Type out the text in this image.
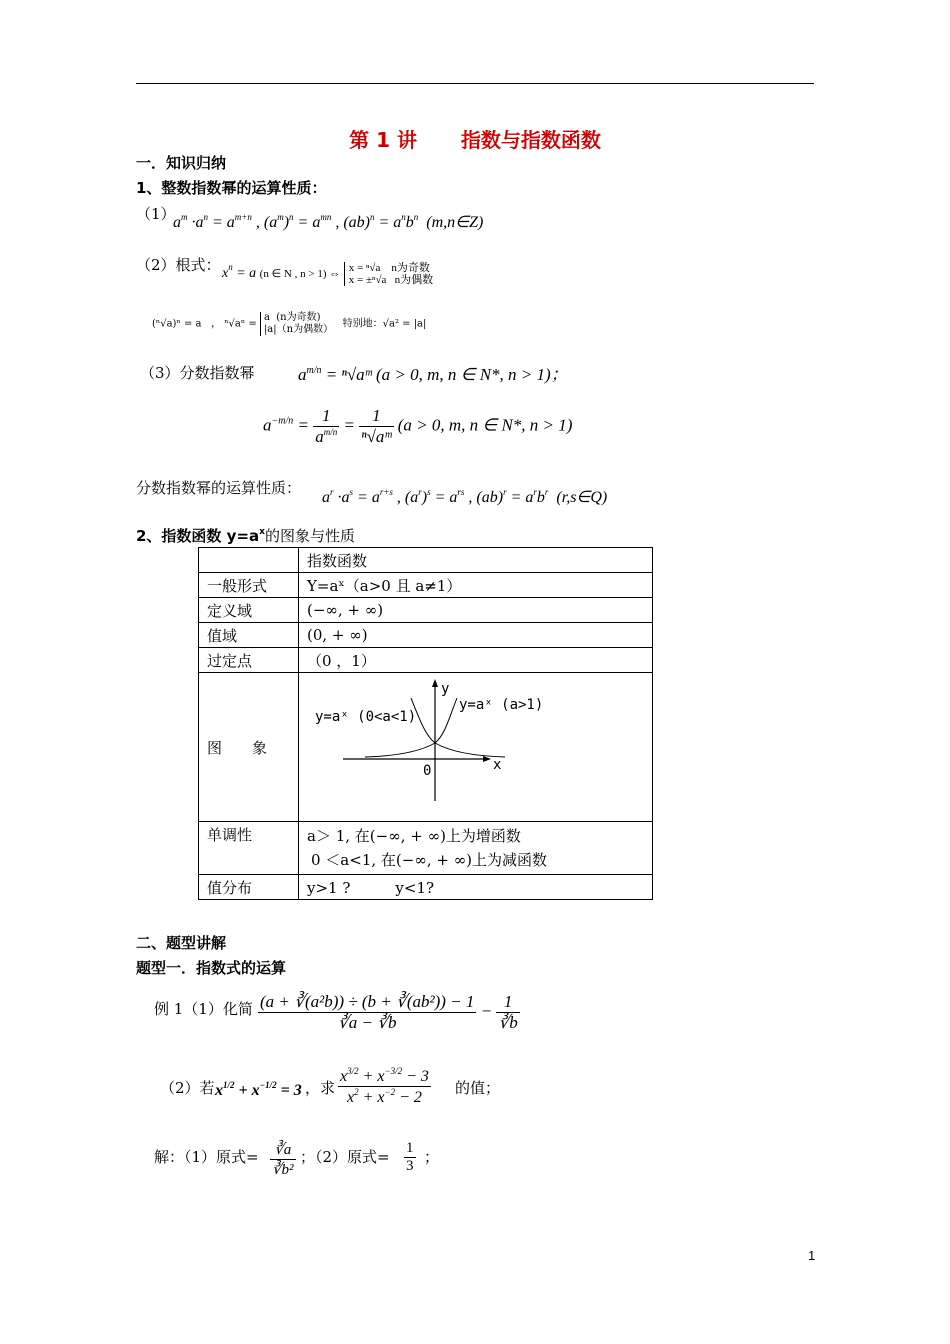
第 1 讲 指数与指数函数
一．知识归纳
1、整数指数幂的运算性质：
（1）
$a^m \cdot a^n = a^{m+n}$ , $(a^m)^n = a^{mn}$ , $(ab)^n = a^nb^n$  (m,n∈Z)
（2）根式： $x^n = a$ (n ∈ N , n > 1) ⇔ x = ⁿ√a    n为奇数
x = ±ⁿ√a   n为偶数
(ⁿ√a)ⁿ = a   ， ⁿ√aⁿ = a  (n为奇数)
|a|（n为偶数）   特别地：√a² = |a|
（3）分数指数幂	$a^{m/n}$ = ⁿ√aᵐ (a > 0, m, n ∈ N*, n > 1)；
$a^{-m/n} = \frac{1}{a^{m/n}} = \frac{1}{\text{ⁿ√aᵐ}} (a > 0$, m, n ∈ N*, n > 1)
分数指数幂的运算性质：
$a^r \cdot a^s = a^{r+s}$ , $(a^r)^s = a^{rs}$ , $(ab)^r = a^rb^r$  (r,s∈Q)
2、指数函数 $y=a^x$的图象与性质
	指数函数
一般形式	Y=aˣ（a>0 且 a≠1）
定义域	(−∞, + ∞)
值域	(0, + ∞)
过定点	（0 ，1）
图　　象	y=aˣ (0<a<1)
y=aˣ (a>1)
y
x
0

单调性	a＞ 1, 在(−∞, + ∞)上为增函数
0 ＜a<1, 在(−∞, + ∞)上为减函数

值分布	y>1 ?　　　y<1?
二、题型讲解
题型一．指数式的运算
例 1（1）化简 $\frac{\text{(a + ∛(a²b)) ÷ (b + ∛(ab²)) − 1}}{∛a - ∛b} - \frac{1}{∛b}$
（2）若 $x^{1/2} + x^{-1/2} = 3$ ，求 $\frac{x^{3/2} + x^{-3/2} - 3}{x^2 + x^{-2} - 2}$ 的值；
解：（1）原式= $\frac{∛a}{\text{∛b²}}$ ；（2）原式= $\frac{1}{3}$ ；
1
